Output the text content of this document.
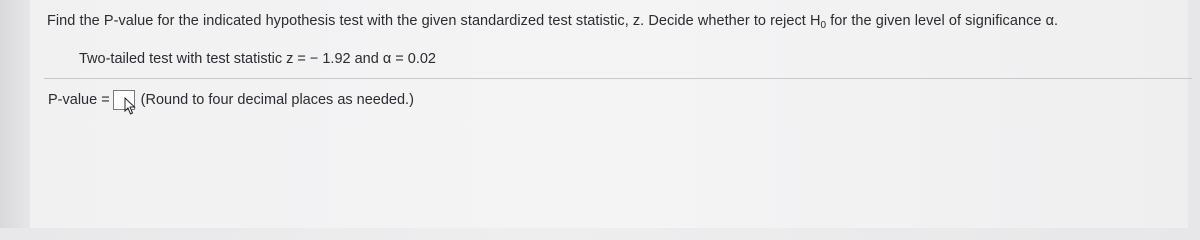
Find the P-value for the indicated hypothesis test with the given standardized test statistic, z. Decide whether to reject $H_0$ for the given level of significance α.
Two-tailed test with test statistic z = − 1.92 and α = 0.02
P-value = (Round to four decimal places as needed.)
